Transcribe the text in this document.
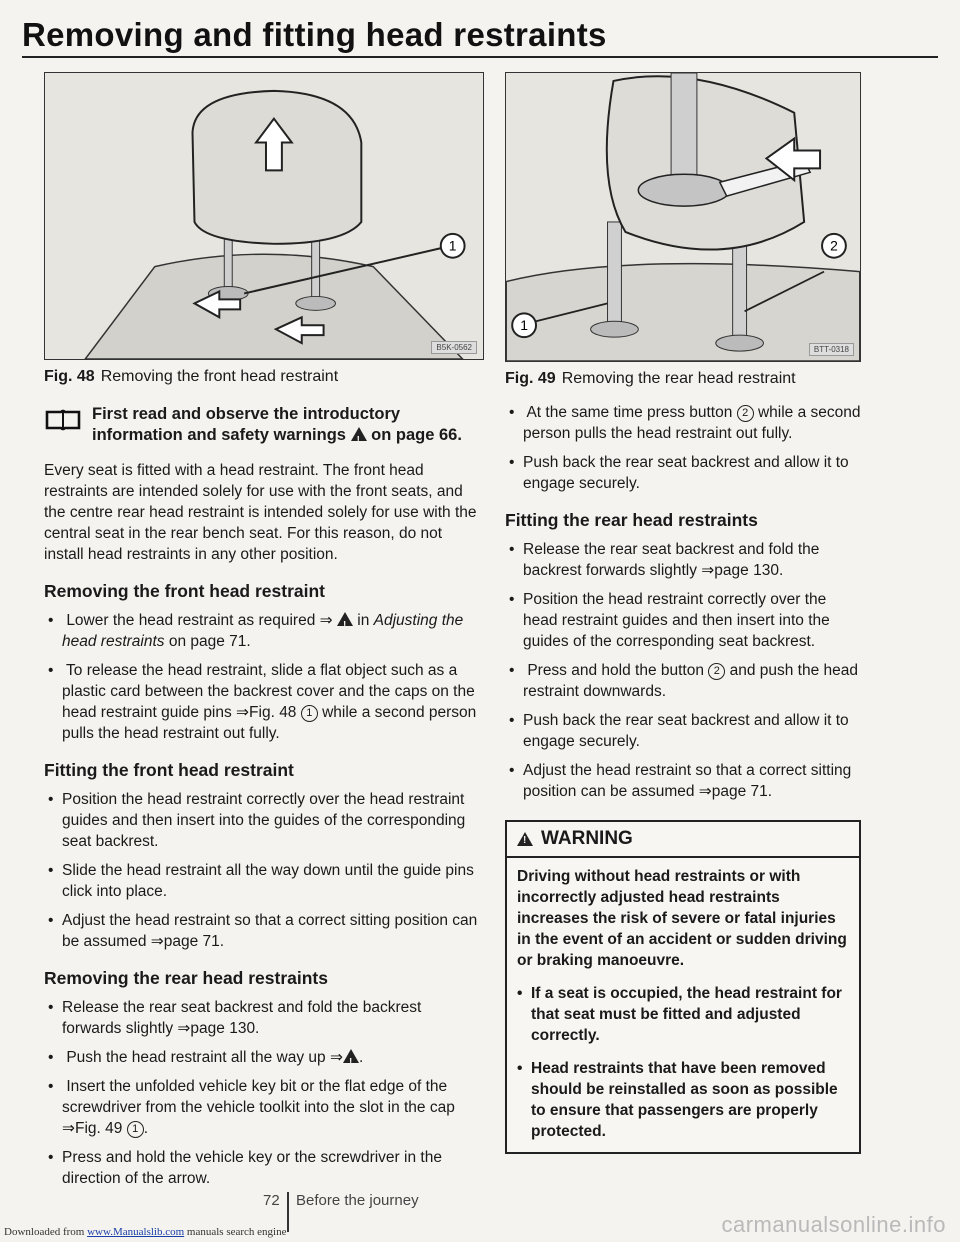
Removing and fitting head restraints
1
B5K-0562
Fig. 48 Removing the front head restraint
First read and observe the introductory information and safety warnings ! on page 66.

Every seat is fitted with a head restraint. The front head restraints are intended solely for use with the front seats, and the centre rear head restraint is intended solely for use with the central seat in the rear bench seat. For this reason, do not install head restraints in any other position.

Removing the front head restraint

• Lower the head restraint as required ⇒ ! in Adjusting the head restraints on page 71.

• To release the head restraint, slide a flat object such as a plastic card between the backrest cover and the caps on the head restraint guide pins ⇒Fig. 48 1 while a second person pulls the head restraint out fully.

Fitting the front head restraint

• Position the head restraint correctly over the head restraint guides and then insert into the guides of the corresponding seat backrest.

• Slide the head restraint all the way down until the guide pins click into place.

• Adjust the head restraint so that a correct sitting position can be assumed ⇒page 71.

Removing the rear head restraints

• Release the rear seat backrest and fold the backrest forwards slightly ⇒page 130.

• Push the head restraint all the way up ⇒ ! .

• Insert the unfolded vehicle key bit or the flat edge of the screwdriver from the vehicle toolkit into the slot in the cap ⇒Fig. 49 1 .

• Press and hold the vehicle key or the screwdriver in the direction of the arrow.

2
1
BTT-0318
Fig. 49 Removing the rear head restraint

• At the same time press button 2 while a second person pulls the head restraint out fully.

• Push back the rear seat backrest and allow it to engage securely.

Fitting the rear head restraints

• Release the rear seat backrest and fold the backrest forwards slightly ⇒page 130.

• Position the head restraint correctly over the head restraint guides and then insert into the guides of the corresponding seat backrest.

• Press and hold the button 2 and push the head restraint downwards.

• Push back the rear seat backrest and allow it to engage securely.

• Adjust the head restraint so that a correct sitting position can be assumed ⇒page 71.

!
WARNING

Driving without head restraints or with incorrectly adjusted head restraints increases the risk of severe or fatal injuries in the event of an accident or sudden driving or braking manoeuvre.

• If a seat is occupied, the head restraint for that seat must be fitted and adjusted correctly.

• Head restraints that have been removed should be reinstalled as soon as possible to ensure that passengers are properly protected.

72 Before the journey
Downloaded from www.Manualslib.com manuals search engine	carmanualsonline.info
